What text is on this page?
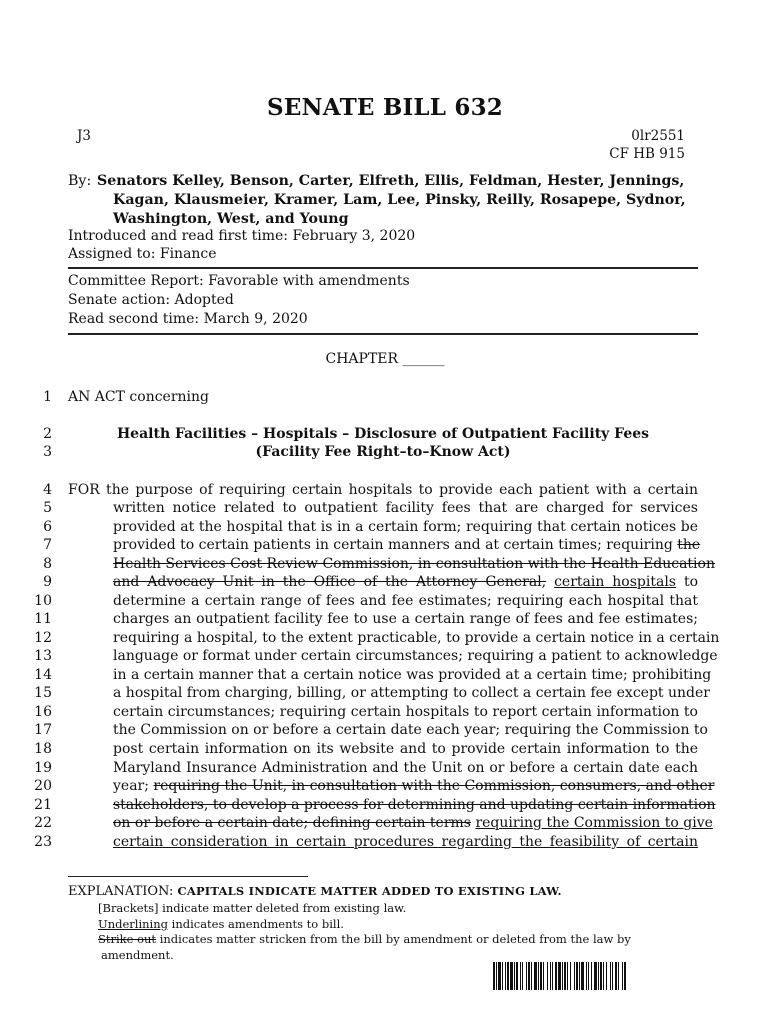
SENATE BILL 632
J3	0lr2551
CF HB 915
By: Senators Kelley, Benson, Carter, Elfreth, Ellis, Feldman, Hester, Jennings,
Kagan, Klausmeier, Kramer, Lam, Lee, Pinsky, Reilly, Rosapepe, Sydnor,
Washington, West, and Young
Introduced and read first time: February 3, 2020
Assigned to: Finance
Committee Report: Favorable with amendments
Senate action: Adopted
Read second time: March 9, 2020
CHAPTER ______
1 AN ACT concerning
2	Health Facilities – Hospitals – Disclosure of Outpatient Facility Fees
3	(Facility Fee Right–to–Know Act)
4 FOR the purpose of requiring certain hospitals to provide each patient with a certain
5	written notice related to outpatient facility fees that are charged for services
6	provided at the hospital that is in a certain form; requiring that certain notices be
7	provided to certain patients in certain manners and at certain times; requiring the
8	Health Services Cost Review Commission, in consultation with the Health Education
9	and Advocacy Unit in the Office of the Attorney General, certain hospitals to
10	determine a certain range of fees and fee estimates; requiring each hospital that
11	charges an outpatient facility fee to use a certain range of fees and fee estimates;
12	requiring a hospital, to the extent practicable, to provide a certain notice in a certain
13	language or format under certain circumstances; requiring a patient to acknowledge
14	in a certain manner that a certain notice was provided at a certain time; prohibiting
15	a hospital from charging, billing, or attempting to collect a certain fee except under
16	certain circumstances; requiring certain hospitals to report certain information to
17	the Commission on or before a certain date each year; requiring the Commission to
18	post certain information on its website and to provide certain information to the
19	Maryland Insurance Administration and the Unit on or before a certain date each
20	year; requiring the Unit, in consultation with the Commission, consumers, and other
21	stakeholders, to develop a process for determining and updating certain information
22	on or before a certain date; defining certain terms requiring the Commission to give
23	certain consideration in certain procedures regarding the feasibility of certain
EXPLANATION: CAPITALS INDICATE MATTER ADDED TO EXISTING LAW.
[Brackets] indicate matter deleted from existing law.
Underlining indicates amendments to bill.
Strike out indicates matter stricken from the bill by amendment or deleted from the law by
amendment.
